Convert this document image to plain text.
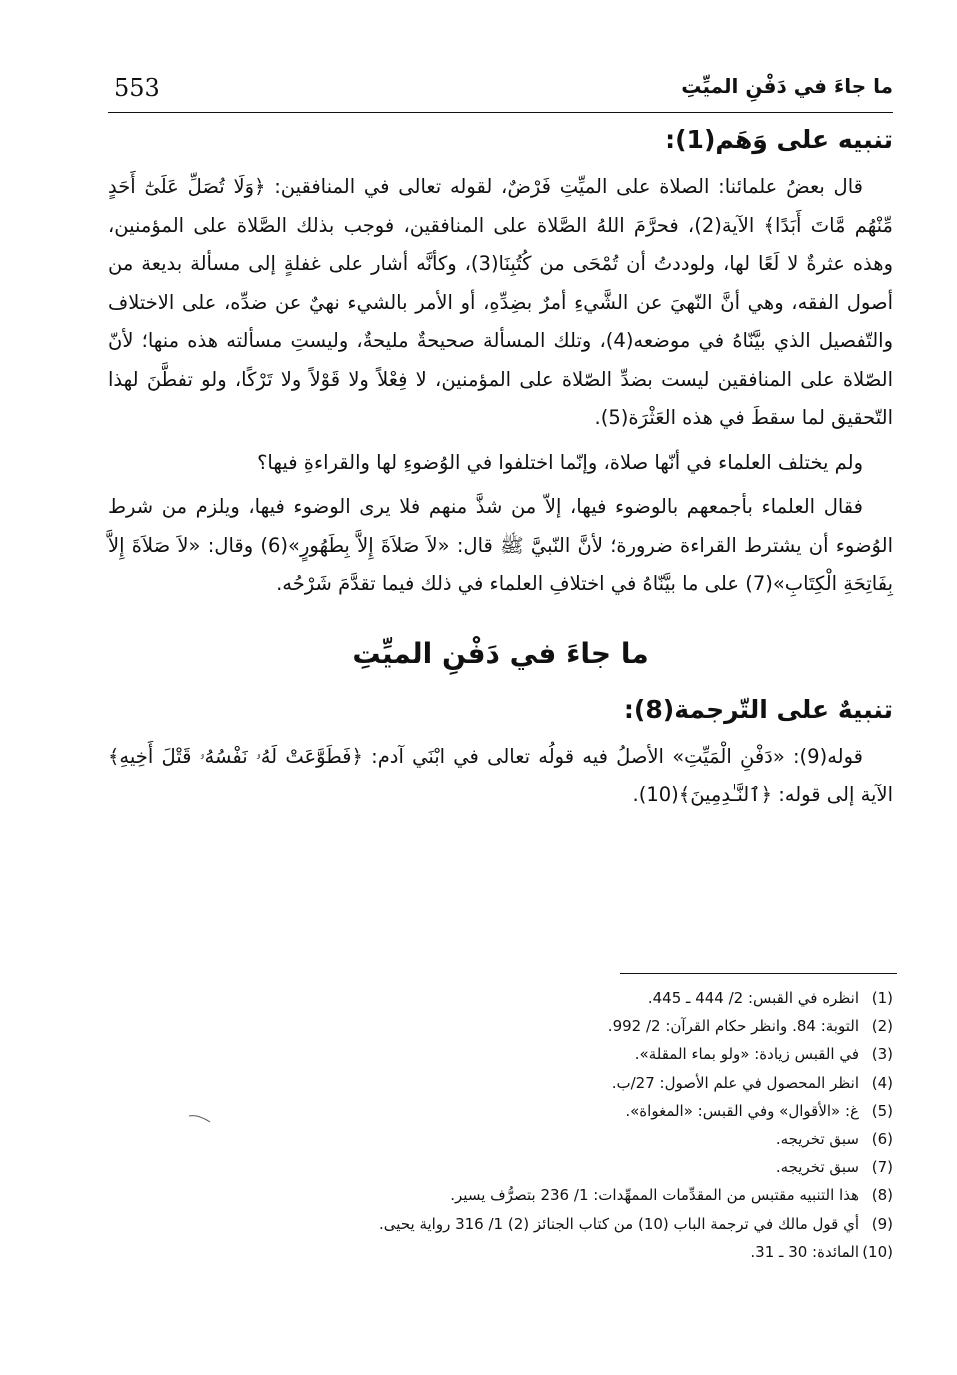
553	ما جاءَ في دَفْنِ الميِّتِ
تنبيه على وَهَم(1):

قال بعضُ علمائنا: الصلاة على الميِّتِ فَرْضٌ، لقوله تعالى في المنافقين: ﴿وَلَا تُصَلِّ عَلَىٰٓ أَحَدٍ مِّنْهُم مَّاتَ أَبَدًا﴾ الآية(2)، فحرَّمَ اللهُ الصَّلاة على المنافقين، فوجب بذلك الصَّلاة على المؤمنين، وهذه عثرةٌ لا لَعًا لها، ولوددتُ أن تُمْحَى من كُتُبِنَا(3)، وكأنَّه أشار على غفلةٍ إلى مسألة بديعة من أصول الفقه، وهي أنَّ النّهيَ عن الشَّيءِ أمرٌ بضِدِّهِ، أو الأمر بالشيء نهيٌ عن ضدِّه، على الاختلاف والتّفصيل الذي بيَّنّاهُ في موضعه(4)، وتلك المسألة صحيحةٌ مليحةٌ، وليستِ مسألته هذه منها؛ لأنّ الصّلاة على المنافقين ليست بضدِّ الصّلاة على المؤمنين، لا فِعْلاً ولا قَوْلاً ولا تَرْكًا، ولو تفطَّنَ لهذا التّحقيق لما سقطَ في هذه العَثْرَة(5).

ولم يختلف العلماء في أنّها صلاة، وإنّما اختلفوا في الوُضوءِ لها والقراءةِ فيها؟

فقال العلماء بأجمعهم بالوضوء فيها، إلاّ من شذَّ منهم فلا يرى الوضوء فيها، ويلزم من شرط الوُضوء أن يشترط القراءة ضرورة؛ لأنَّ النّبيَّ ﷺ قال: «لاَ صَلاَةَ إِلاَّ بِطَهُورٍ»(6) وقال: «لاَ صَلاَةَ إِلاَّ بِفَاتِحَةِ الْكِتَابِ»(7) على ما بيَّنّاهُ في اختلافِ العلماء في ذلك فيما تقدَّمَ شَرْحُه.

ما جاءَ في دَفْنِ الميِّتِ
تنبيهٌ على التّرجمة(8):

قوله(9): «دَفْنِ الْمَيِّتِ» الأصلُ فيه قولُه تعالى في ابْنَي آدم: ﴿فَطَوَّعَتْ لَهُۥ نَفْسُهُۥ قَتْلَ أَخِيهِ﴾ الآية إلى قوله: ﴿ٱلنَّـٰدِمِينَ﴾(10).

(1)انظره في القبس: 2/ 444 ـ 445.
(2)التوبة: 84. وانظر حكام القرآن: 2/ 992.
(3)في القبس زيادة: «ولو بماء المقلة».
(4)انظر المحصول في علم الأصول: 27/ب.
(5)غ: «الأقوال» وفي القبس: «المغواة».
(6)سبق تخريجه.
(7)سبق تخريجه.
(8)هذا التنبيه مقتبس من المقدِّمات الممهِّدات: 1/ 236 بتصرُّف يسير.
(9)أي قول مالك في ترجمة الباب (10) من كتاب الجنائز (2) 1/ 316 رواية يحيى.
(10)المائدة: 30 ـ 31.
